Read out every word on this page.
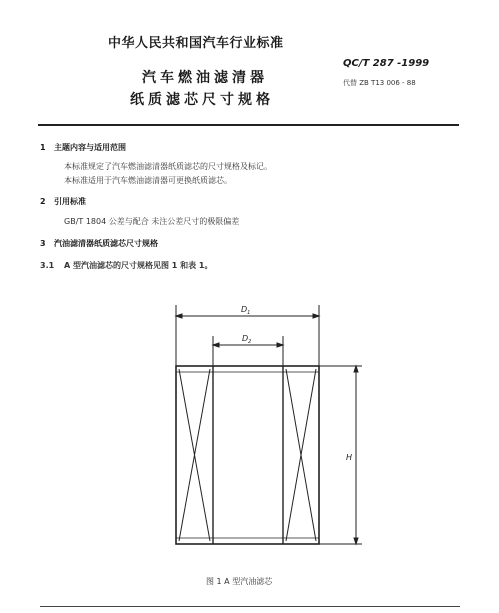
中华人民共和国汽车行业标准
QC/T 287 -1999
代替 ZB T13 006 - 88
汽车燃油滤清器
纸质滤芯尺寸规格
1 主题内容与适用范围
本标准规定了汽车燃油滤清器纸质滤芯的尺寸规格及标记。
本标准适用于汽车燃油滤清器可更换纸质滤芯。
2 引用标准
GB/T 1804 公差与配合 未注公差尺寸的极限偏差
3 汽油滤清器纸质滤芯尺寸规格
3.1 A 型汽油滤芯的尺寸规格见图 1 和表 1。
$D_1$
$D_2$
H
图 1 A 型汽油滤芯
